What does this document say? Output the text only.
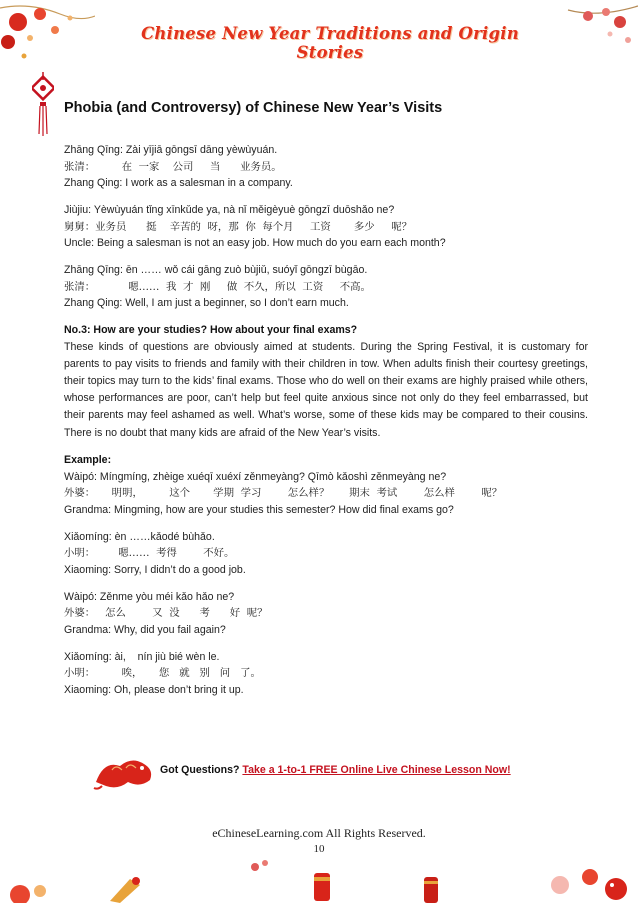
Chinese New Year Traditions and Origin Stories
Phobia (and Controversy) of Chinese New Year’s Visits
Zhāng Qīng: Zài yījiā gōngsī dāng yèwùyuán.
张清：        在  一家    公司     当      业务员。
Zhang Qing: I work as a salesman in a company.
Jiùjiu: Yèwùyuán tǐng xīnkǔde ya, nà nǐ měigèyuè gōngzī duōshǎo ne?
舅舅：业务员      挺    辛苦的  呀，那  你  每个月     工资       多少     呢？
Uncle: Being a salesman is not an easy job. How much do you earn each month?
Zhāng Qīng: ēn …… wǒ cái gāng zuò bùjiǔ, suóyǐ gōngzī bùgāo.
张清：          嗯……  我  才  刚     做  不久，所以  工资     不高。
Zhang Qing: Well, I am just a beginner, so I don’t earn much.
No.3: How are your studies? How about your final exams?
These kinds of questions are obviously aimed at students. During the Spring Festival, it is customary for parents to pay visits to friends and family with their children in tow. When adults finish their courtesy greetings, their topics may turn to the kids’ final exams. Those who do well on their exams are highly praised while others, whose performances are poor, can’t help but feel quite anxious since not only do they feel embarrassed, but their parents may feel ashamed as well. What’s worse, some of these kids may be compared to their cousins. There is no doubt that many kids are afraid of the New Year’s visits.
Example:
Wàipó: Míngmíng, zhèige xuéqī xuéxí zěnmeyàng? Qīmò kǎoshì zěnmeyàng ne?
外婆：     明明，        这个       学期  学习        怎么样？      期末  考试        怎么样        呢？
Grandma: Mingming, how are your studies this semester? How did final exams go?
Xiǎomíng: èn ……kǎodé bùhǎo.
小明：       嗯……  考得        不好。
Xiaoming: Sorry, I didn’t do a good job.
Wàipó: Zěnme yòu méi kǎo hǎo ne?
外婆：   怎么        又  没      考      好  呢？
Grandma: Why, did you fail again?
Xiǎomíng: ài,    nín jiù bié wèn le.
小明：        唉，     您   就   别   问   了。
Xiaoming: Oh, please don’t bring it up.
Got Questions? Take a 1-to-1 FREE Online Live Chinese Lesson Now!
eChineseLearning.com All Rights Reserved.
10
